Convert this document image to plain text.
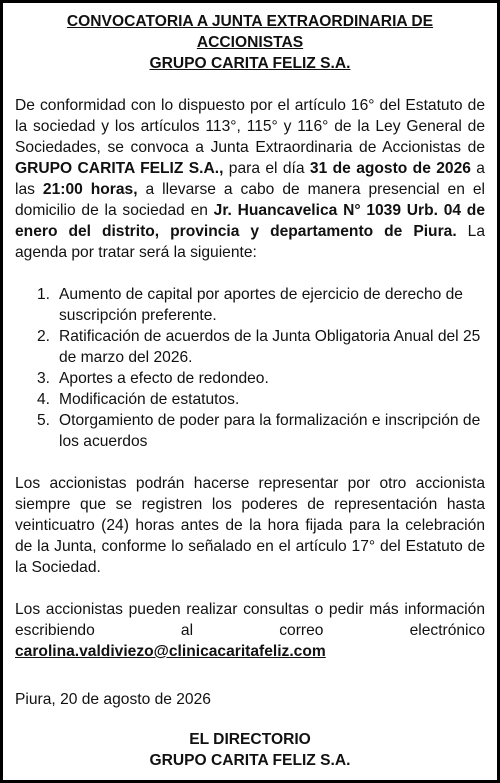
CONVOCATORIA A JUNTA EXTRAORDINARIA DE ACCIONISTAS
GRUPO CARITA FELIZ S.A.

De conformidad con lo dispuesto por el artículo 16° del Estatuto de la sociedad y los artículos 113°, 115° y 116° de la Ley General de Sociedades, se convoca a Junta Extraordinaria de Accionistas de GRUPO CARITA FELIZ S.A., para el día 31 de agosto de 2026 a las 21:00 horas, a llevarse a cabo de manera presencial en el domicilio de la sociedad en Jr. Huancavelica N° 1039 Urb. 04 de enero del distrito, provincia y departamento de Piura. La agenda por tratar será la siguiente:

1. Aumento de capital por aportes de ejercicio de derecho de suscripción preferente.
2. Ratificación de acuerdos de la Junta Obligatoria Anual del 25 de marzo del 2026.
3. Aportes a efecto de redondeo.
4. Modificación de estatutos.
5. Otorgamiento de poder para la formalización e inscripción de los acuerdos

Los accionistas podrán hacerse representar por otro accionista siempre que se registren los poderes de representación hasta veinticuatro (24) horas antes de la hora fijada para la celebración de la Junta, conforme lo señalado en el artículo 17° del Estatuto de la Sociedad.

Los accionistas pueden realizar consultas o pedir más información escribiendo al correo electrónico

carolina.valdiviezo@clinicacaritafeliz.com

Piura, 20 de agosto de 2026

EL DIRECTORIO
GRUPO CARITA FELIZ S.A.
